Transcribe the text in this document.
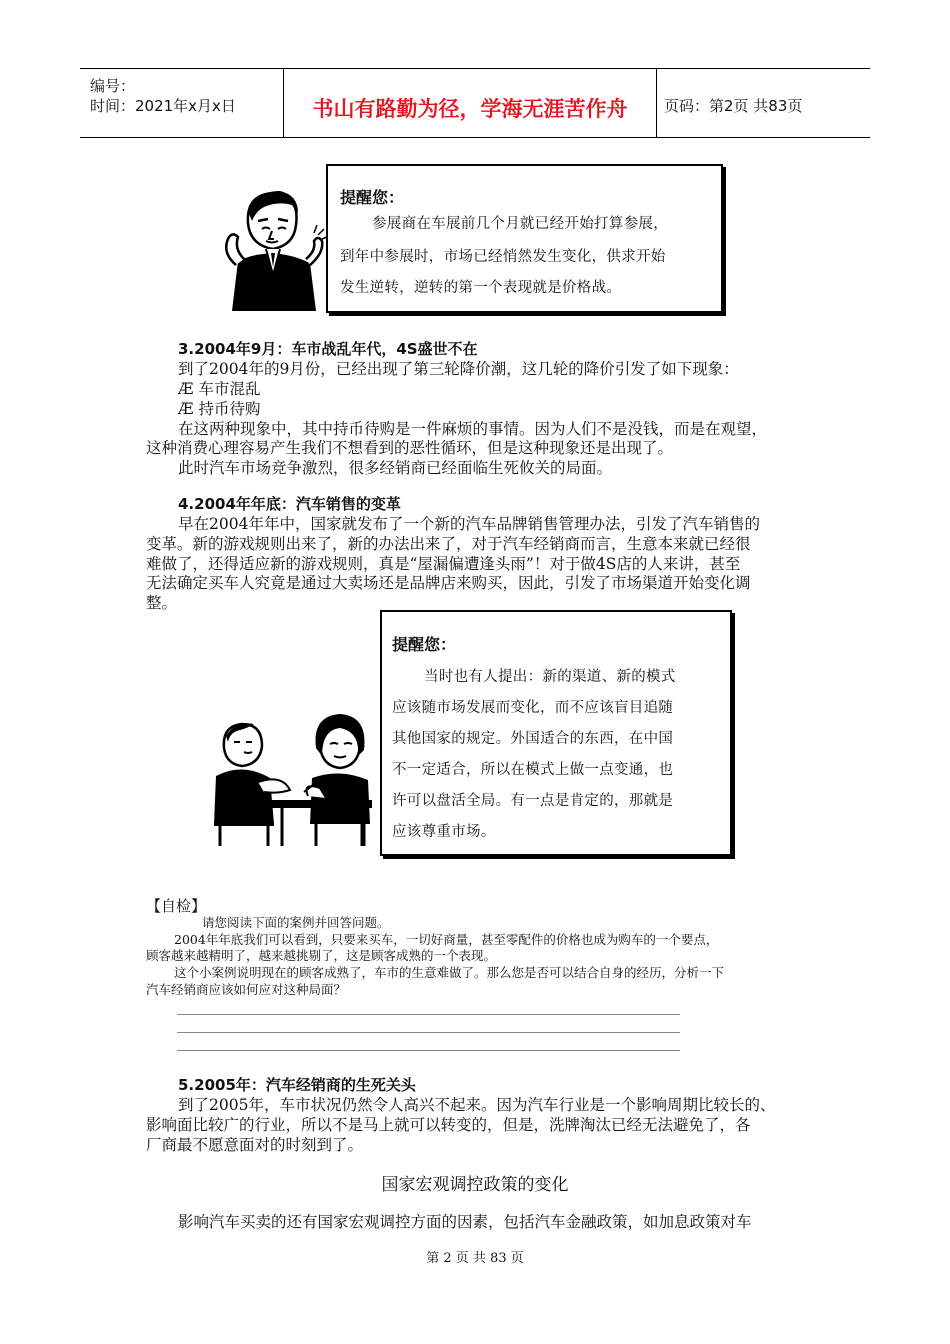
编号：
时间：2021年x月x日	书山有路勤为径，学海无涯苦作舟	页码：第2页 共83页
提醒您：
参展商在车展前几个月就已经开始打算参展，
到年中参展时，市场已经悄然发生变化，供求开始
发生逆转，逆转的第一个表现就是价格战。
3.2004年9月：车市战乱年代，4S盛世不在
到了2004年的9月份，已经出现了第三轮降价潮，这几轮的降价引发了如下现象：
Æ 车市混乱
Æ 持币待购
在这两种现象中，其中持币待购是一件麻烦的事情。因为人们不是没钱，而是在观望，
这种消费心理容易产生我们不想看到的恶性循环，但是这种现象还是出现了。
此时汽车市场竞争激烈，很多经销商已经面临生死攸关的局面。
4.2004年年底：汽车销售的变革
早在2004年年中，国家就发布了一个新的汽车品牌销售管理办法，引发了汽车销售的
变革。新的游戏规则出来了，新的办法出来了，对于汽车经销商而言，生意本来就已经很
难做了，还得适应新的游戏规则，真是“屋漏偏遭逢头雨”！对于做4S店的人来讲，甚至
无法确定买车人究竟是通过大卖场还是品牌店来购买，因此，引发了市场渠道开始变化调
整。
提醒您：
当时也有人提出：新的渠道、新的模式
应该随市场发展而变化，而不应该盲目追随
其他国家的规定。外国适合的东西，在中国
不一定适合，所以在模式上做一点变通，也
许可以盘活全局。有一点是肯定的，那就是
应该尊重市场。
【自检】
请您阅读下面的案例并回答问题。
2004年年底我们可以看到，只要来买车，一切好商量，甚至零配件的价格也成为购车的一个要点，
顾客越来越精明了，越来越挑剔了，这是顾客成熟的一个表现。
这个小案例说明现在的顾客成熟了，车市的生意难做了。那么您是否可以结合自身的经历，分析一下
汽车经销商应该如何应对这种局面？
5.2005年：汽车经销商的生死关头
到了2005年，车市状况仍然令人高兴不起来。因为汽车行业是一个影响周期比较长的、
影响面比较广的行业，所以不是马上就可以转变的，但是，洗牌淘汰已经无法避免了，各
厂商最不愿意面对的时刻到了。
国家宏观调控政策的变化
影响汽车买卖的还有国家宏观调控方面的因素，包括汽车金融政策，如加息政策对车
第 2 页 共 83 页
